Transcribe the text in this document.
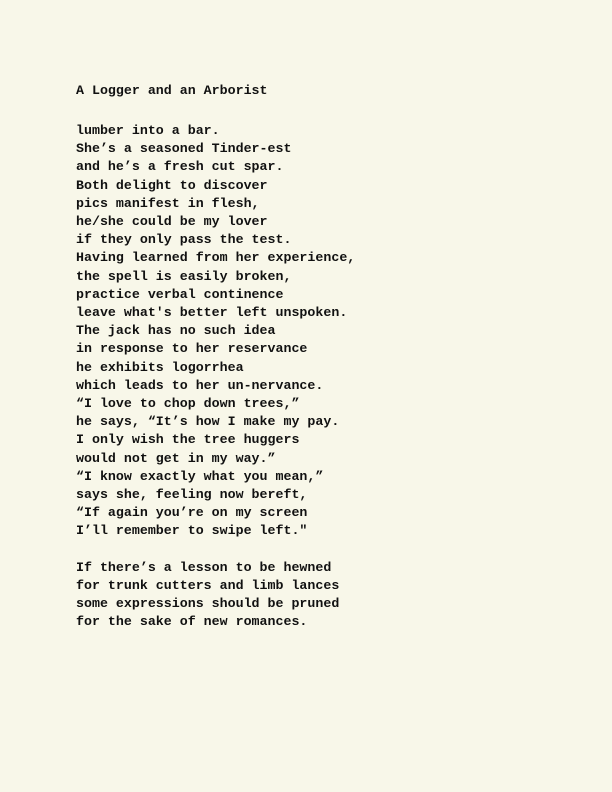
A Logger and an Arborist
lumber into a bar.
She’s a seasoned Tinder-est
and he’s a fresh cut spar.
Both delight to discover
pics manifest in flesh,
he/she could be my lover
if they only pass the test.
Having learned from her experience,
the spell is easily broken,
practice verbal continence
leave what's better left unspoken.
The jack has no such idea
in response to her reservance
he exhibits logorrhea
which leads to her un-nervance.
“I love to chop down trees,”
he says, “It’s how I make my pay.
I only wish the tree huggers
would not get in my way.”
“I know exactly what you mean,”
says she, feeling now bereft,
“If again you’re on my screen
I’ll remember to swipe left."
If there’s a lesson to be hewned
for trunk cutters and limb lances
some expressions should be pruned
for the sake of new romances.
